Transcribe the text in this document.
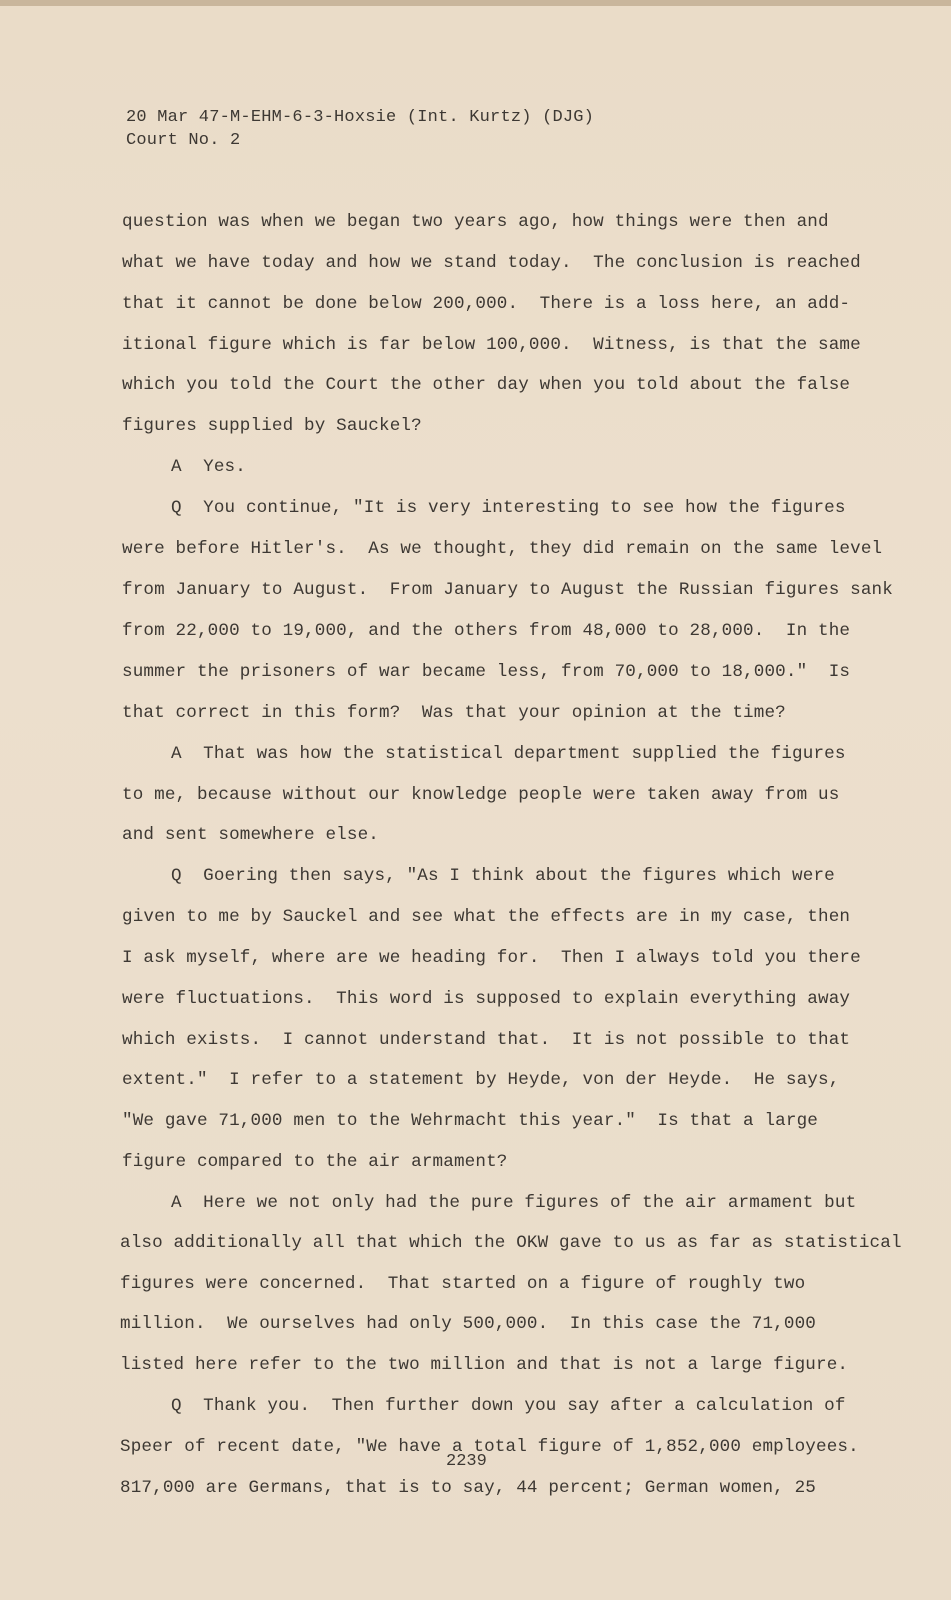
20 Mar 47-M-EHM-6-3-Hoxsie (Int. Kurtz) (DJG)
Court No. 2
question was when we began two years ago, how things were then and
what we have today and how we stand today.  The conclusion is reached
that it cannot be done below 200,000.  There is a loss here, an add-
itional figure which is far below 100,000.  Witness, is that the same
which you told the Court the other day when you told about the false
figures supplied by Sauckel?
A  Yes.
Q  You continue, "It is very interesting to see how the figures
were before Hitler's.  As we thought, they did remain on the same level
from January to August.  From January to August the Russian figures sank
from 22,000 to 19,000, and the others from 48,000 to 28,000.  In the
summer the prisoners of war became less, from 70,000 to 18,000."  Is
that correct in this form?  Was that your opinion at the time?
A  That was how the statistical department supplied the figures
to me, because without our knowledge people were taken away from us
and sent somewhere else.
Q  Goering then says, "As I think about the figures which were
given to me by Sauckel and see what the effects are in my case, then
I ask myself, where are we heading for.  Then I always told you there
were fluctuations.  This word is supposed to explain everything away
which exists.  I cannot understand that.  It is not possible to that
extent."  I refer to a statement by Heyde, von der Heyde.  He says,
"We gave 71,000 men to the Wehrmacht this year."  Is that a large
figure compared to the air armament?
A  Here we not only had the pure figures of the air armament but
also additionally all that which the OKW gave to us as far as statistical
figures were concerned.  That started on a figure of roughly two
million.  We ourselves had only 500,000.  In this case the 71,000
listed here refer to the two million and that is not a large figure.
Q  Thank you.  Then further down you say after a calculation of
Speer of recent date, "We have a total figure of 1,852,000 employees.
817,000 are Germans, that is to say, 44 percent; German women, 25
2239
